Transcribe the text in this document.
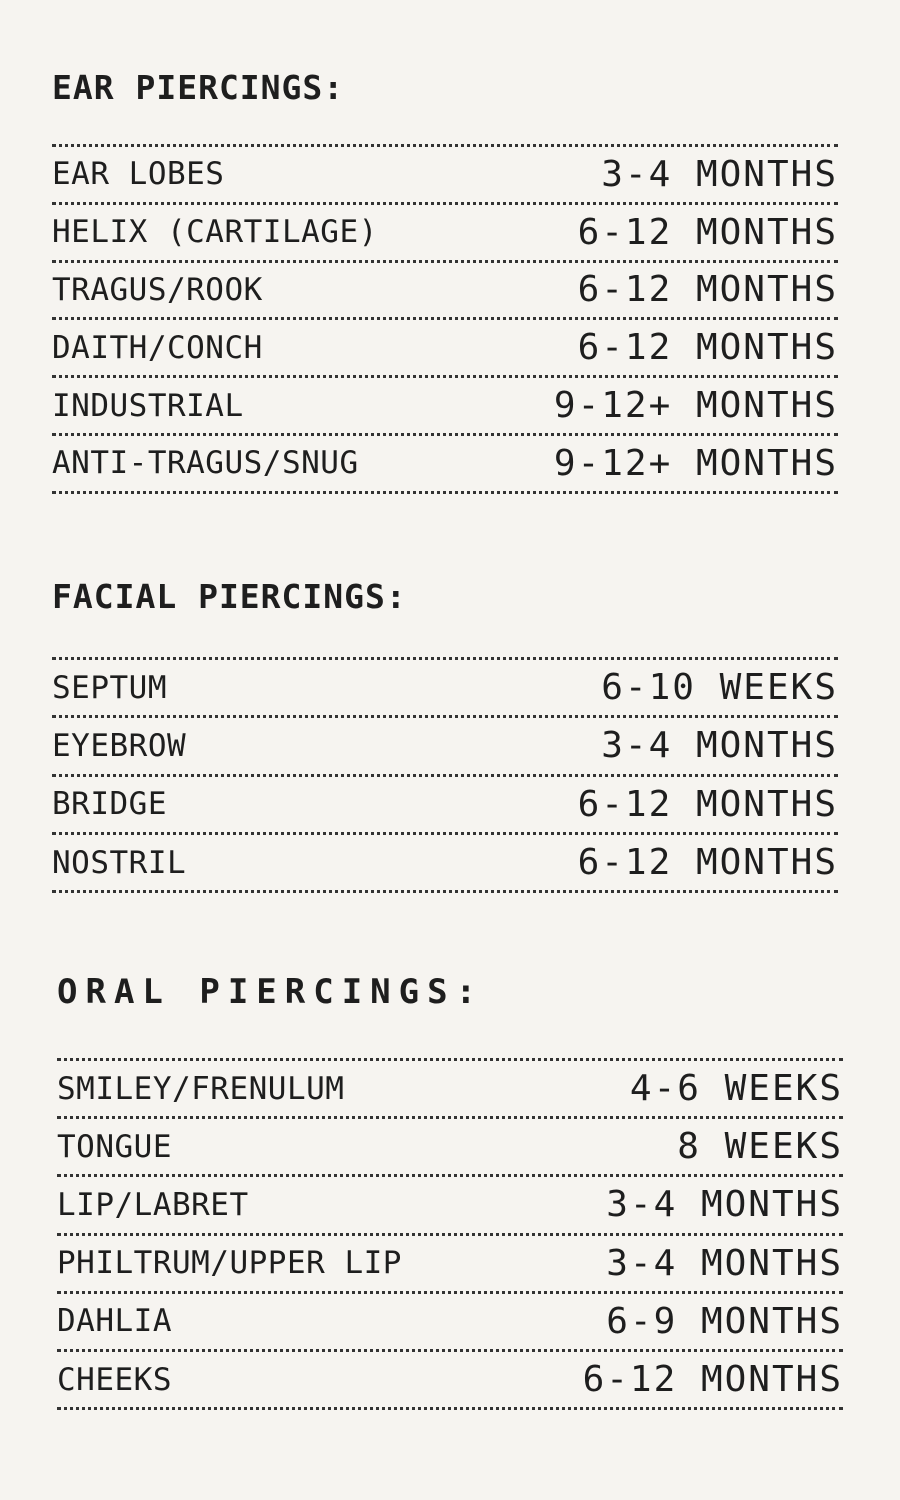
EAR PIERCINGS:
EAR LOBES	3-4 MONTHS
HELIX (CARTILAGE)	6-12 MONTHS
TRAGUS/ROOK	6-12 MONTHS
DAITH/CONCH	6-12 MONTHS
INDUSTRIAL	9-12+ MONTHS
ANTI-TRAGUS/SNUG	9-12+ MONTHS
FACIAL PIERCINGS:
SEPTUM	6-10 WEEKS
EYEBROW	3-4 MONTHS
BRIDGE	6-12 MONTHS
NOSTRIL	6-12 MONTHS
ORAL PIERCINGS:
SMILEY/FRENULUM	4-6 WEEKS
TONGUE	8 WEEKS
LIP/LABRET	3-4 MONTHS
PHILTRUM/UPPER LIP	3-4 MONTHS
DAHLIA	6-9 MONTHS
CHEEKS	6-12 MONTHS
